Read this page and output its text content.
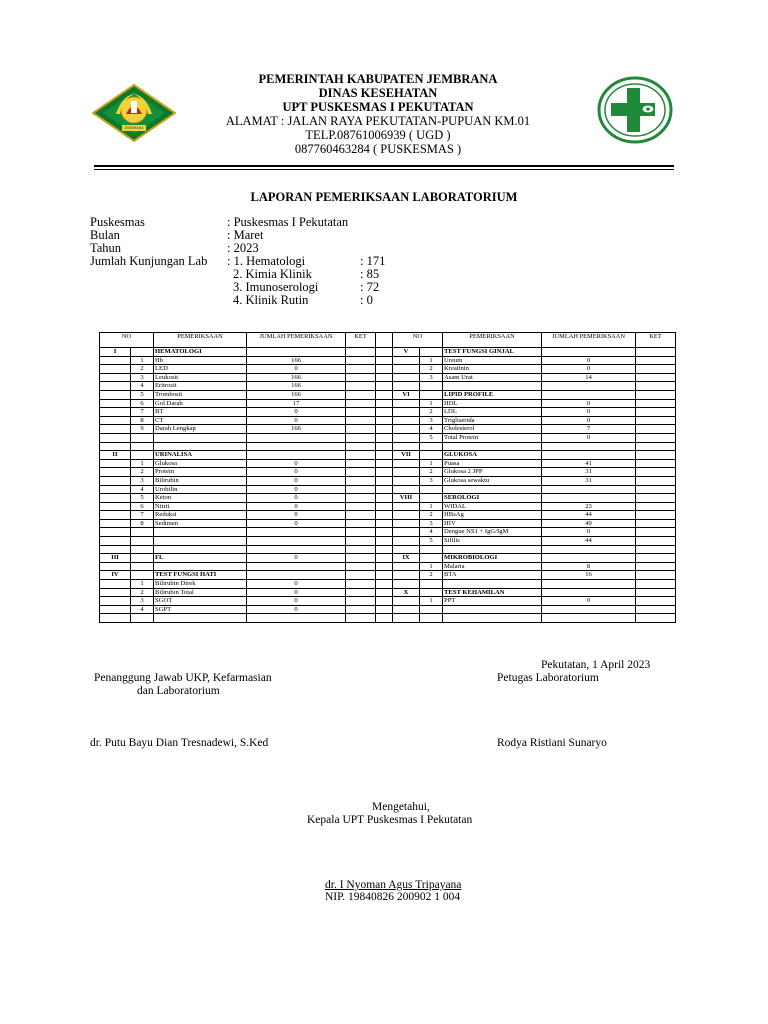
JEMBRANA
PEMERINTAH KABUPATEN JEMBRANA
DINAS KESEHATAN
UPT PUSKESMAS I PEKUTATAN
ALAMAT : JALAN RAYA PEKUTATAN-PUPUAN KM.01
TELP.08761006939 ( UGD )
087760463284 ( PUSKESMAS )
LAPORAN PEMERIKSAAN LABORATORIUM
Puskesmas	: Puskesmas I Pekutatan
Bulan	: Maret
Tahun	: 2023
Jumlah Kunjungan Lab : 1. Hematologi	: 171
2. Kimia Klinik	: 85
3. Imunoserologi	: 72
4. Klinik Rutin	: 0
NO		PEMERIKSAAN	JUMLAH PEMERIKSAAN	KET		NO		PEMERIKSAAN	JUMLAH PEMERIKSAAN	KET
I		HEMATOLOGI				V		TEST FUNGSI GINJAL		
	1	Hb	166				1	Ureum	0	
	2	LED	0				2	Kreatinin	0	
	3	Leukosit	166				3	Asam Urat	14	
	4	Eritrosit	166							
	5	Trombosit	166			VI		LIPID PROFILE		
	6	Gol Darah	17				1	HDL	0	
	7	BT	0				2	LDL	0	
	8	CT	0				3	Trigliserida	0	
	9	Darah Lengkap	166				4	Cholesterol	7	
							5	Total Protein	0	

II		URINALISA				VII		GLUKOSA		
	1	Glukosa	0				1	Puasa	41	
	2	Protein	0				2	Glukosa 2 JPP	31	
	3	Bilirubin	0				3	Glukosa sewaktu	31	
	4	Urobilin	0							
	5	Keton	0			VIII		SEROLOGI		
	6	Nitrit	0				1	WIDAL	23	
	7	Reduksi	0				2	HBsAg	44	
	8	Sedimen	0				3	HIV	49	
							4	Dengue NS1 + IgG/IgM	0	
							5	Sifilis	44	

III		FL	0			IX		MIKROBIOLOGI		
							1	Malaria	8	
IV		TEST FUNGSI HATI					2	BTA	16	
	1	Bilirubin Direk	0							
	2	Bilirubin Total	0			X		TEST KEHAMILAN		
	3	SGOT	0				1	PPT	0	
	4	SGPT	0							

Pekutatan, 1 April 2023
Penanggung Jawab UKP, Kefarmasian
dan Laboratorium
Petugas Laboratorium
dr. Putu Bayu Dian Tresnadewi, S.Ked	Rodya Ristiani Sunaryo
Mengetahui,
Kepala UPT Puskesmas I Pekutatan
dr. I Nyoman Agus Tripayana
NIP. 19840826 200902 1 004
